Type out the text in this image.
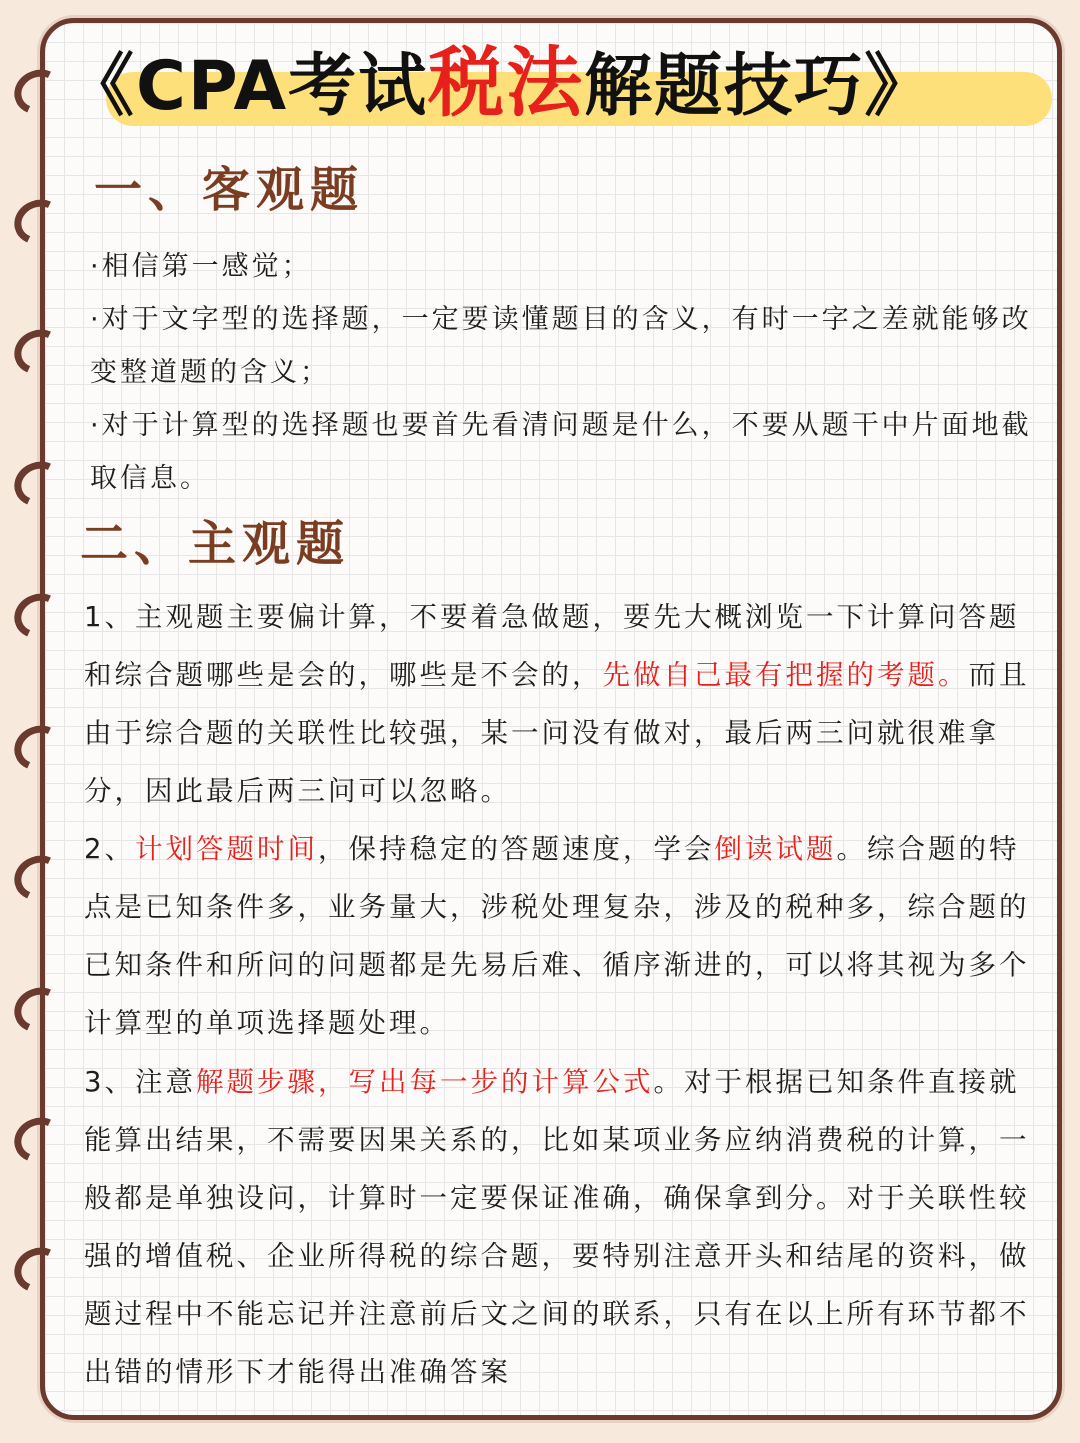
《CPA考试税法解题技巧》
一、客观题
·相信第一感觉；
·对于文字型的选择题，一定要读懂题目的含义，有时一字之差就能够改变整道题的含义；
·对于计算型的选择题也要首先看清问题是什么，不要从题干中片面地截取信息。
二、主观题

1、主观题主要偏计算，不要着急做题，要先大概浏览一下计算问答题和综合题哪些是会的，哪些是不会的，先做自己最有把握的考题。而且由于综合题的关联性比较强，某一问没有做对，最后两三问就很难拿分，因此最后两三问可以忽略。

2、计划答题时间，保持稳定的答题速度，学会倒读试题。综合题的特点是已知条件多，业务量大，涉税处理复杂，涉及的税种多，综合题的已知条件和所问的问题都是先易后难、循序渐进的，可以将其视为多个计算型的单项选择题处理。

3、注意解题步骤，写出每一步的计算公式。对于根据已知条件直接就能算出结果，不需要因果关系的，比如某项业务应纳消费税的计算，一般都是单独设问，计算时一定要保证准确，确保拿到分。对于关联性较强的增值税、企业所得税的综合题，要特别注意开头和结尾的资料，做题过程中不能忘记并注意前后文之间的联系，只有在以上所有环节都不出错的情形下才能得出准确答案
